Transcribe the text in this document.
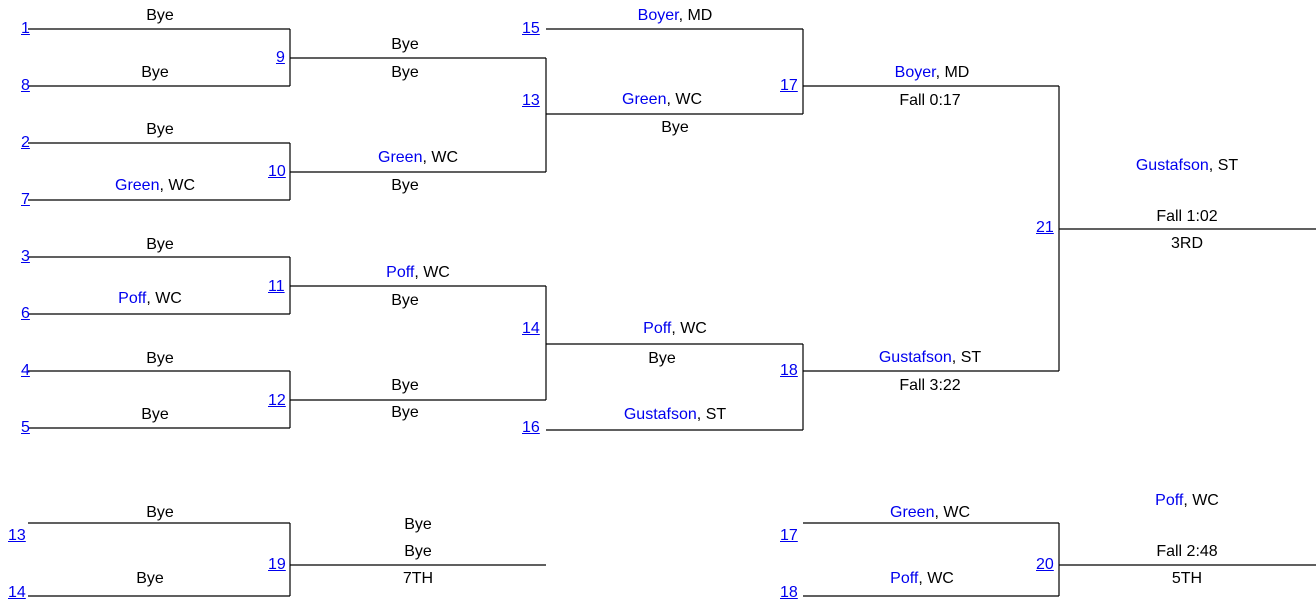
1
8
2
7
3
6
4
5
9
10
11
12
15
13
14
16
17
18
21
13
14
19
17
18
20
Bye
Bye
Bye
Green, WC
Bye
Poff, WC
Bye
Bye
Bye
Bye
Green, WC
Bye
Poff, WC
Bye
Bye
Bye
Boyer, MD
Green, WC
Bye
Poff, WC
Bye
Gustafson, ST
Boyer, MD
Fall 0:17
Gustafson, ST
Fall 3:22
Gustafson, ST
Fall 1:02
3RD
Bye
Bye
Bye
Bye
7TH
Green, WC
Poff, WC
Poff, WC
Fall 2:48
5TH
